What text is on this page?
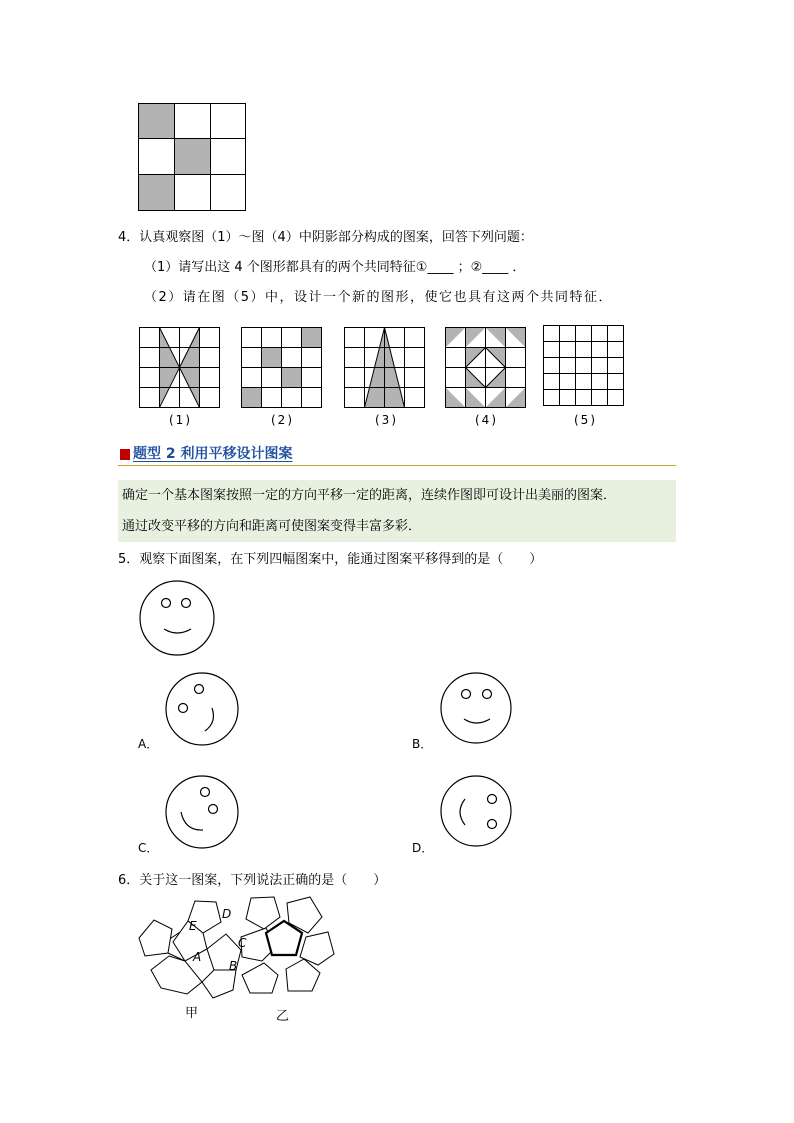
4．认真观察图（1）～图（4）中阴影部分构成的图案，回答下列问题：
（1）请写出这 4 个图形都具有的两个共同特征①____ ；②____ ．
（2）请在图（5）中，设计一个新的图形，使它也具有这两个共同特征．
(1)	(2)	(3)	(4)	(5)
题型 2 利用平移设计图案
确定一个基本图案按照一定的方向平移一定的距离，连续作图即可设计出美丽的图案．
通过改变平移的方向和距离可使图案变得丰富多彩．
5．观察下面图案，在下列四幅图案中，能通过图案平移得到的是（　　）
A．	B．
C．	D．
6．关于这一图案，下列说法正确的是（　　）
E
D
C
A
B
甲	乙
